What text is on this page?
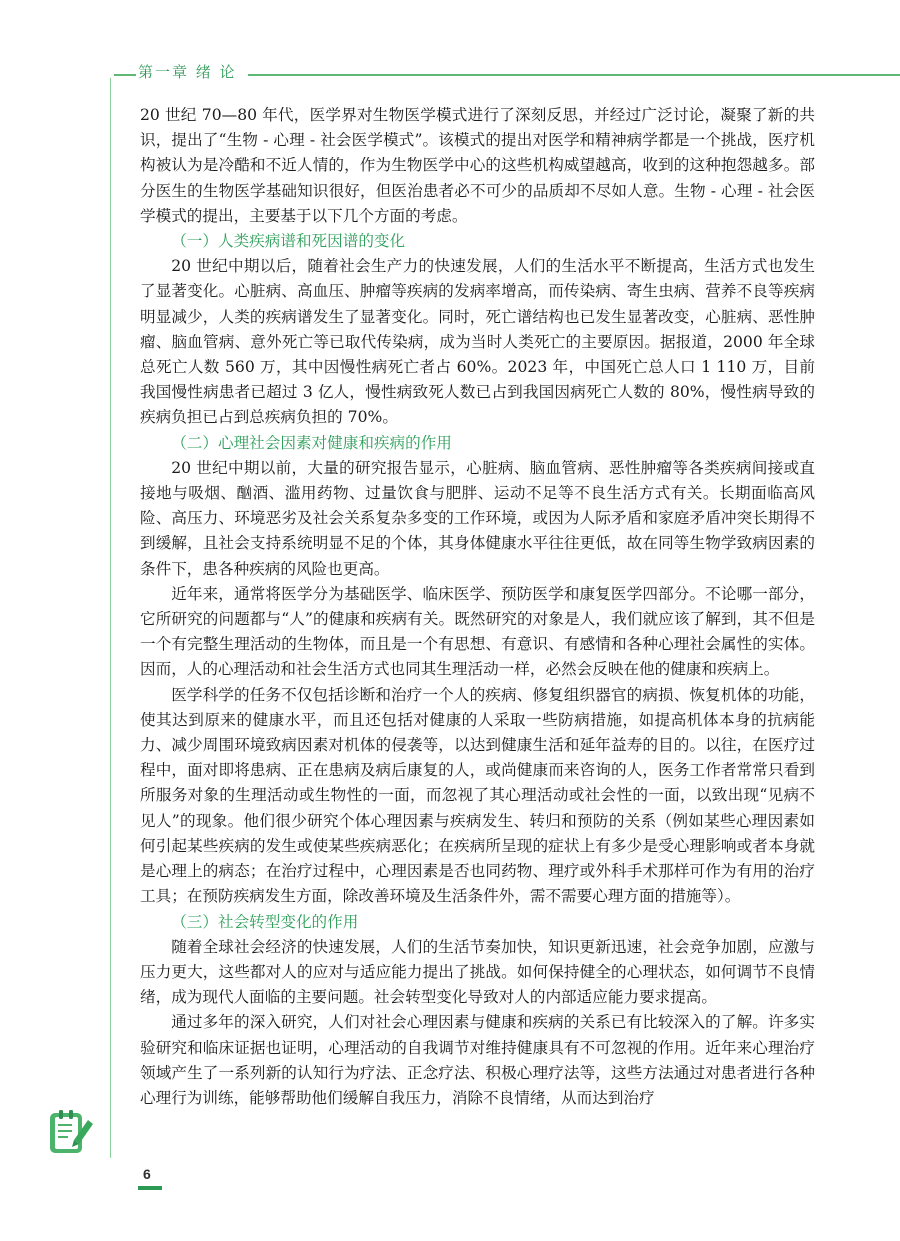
第一章 绪 论

20 世纪 70—80 年代，医学界对生物医学模式进行了深刻反思，并经过广泛讨论，凝聚了新的共识，提出了“生物 - 心理 - 社会医学模式”。该模式的提出对医学和精神病学都是一个挑战，医疗机构被认为是冷酷和不近人情的，作为生物医学中心的这些机构威望越高，收到的这种抱怨越多。部分医生的生物医学基础知识很好，但医治患者必不可少的品质却不尽如人意。生物 - 心理 - 社会医学模式的提出，主要基于以下几个方面的考虑。

（一）人类疾病谱和死因谱的变化

20 世纪中期以后，随着社会生产力的快速发展，人们的生活水平不断提高，生活方式也发生了显著变化。心脏病、高血压、肿瘤等疾病的发病率增高，而传染病、寄生虫病、营养不良等疾病明显减少，人类的疾病谱发生了显著变化。同时，死亡谱结构也已发生显著改变，心脏病、恶性肿瘤、脑血管病、意外死亡等已取代传染病，成为当时人类死亡的主要原因。据报道，2000 年全球总死亡人数 560 万，其中因慢性病死亡者占 60%。2023 年，中国死亡总人口 1 110 万，目前我国慢性病患者已超过 3 亿人，慢性病致死人数已占到我国因病死亡人数的 80%，慢性病导致的疾病负担已占到总疾病负担的 70%。

（二）心理社会因素对健康和疾病的作用

20 世纪中期以前，大量的研究报告显示，心脏病、脑血管病、恶性肿瘤等各类疾病间接或直接地与吸烟、酗酒、滥用药物、过量饮食与肥胖、运动不足等不良生活方式有关。长期面临高风险、高压力、环境恶劣及社会关系复杂多变的工作环境，或因为人际矛盾和家庭矛盾冲突长期得不到缓解，且社会支持系统明显不足的个体，其身体健康水平往往更低，故在同等生物学致病因素的条件下，患各种疾病的风险也更高。

近年来，通常将医学分为基础医学、临床医学、预防医学和康复医学四部分。不论哪一部分，它所研究的问题都与“人”的健康和疾病有关。既然研究的对象是人，我们就应该了解到，其不但是一个有完整生理活动的生物体，而且是一个有思想、有意识、有感情和各种心理社会属性的实体。因而，人的心理活动和社会生活方式也同其生理活动一样，必然会反映在他的健康和疾病上。

医学科学的任务不仅包括诊断和治疗一个人的疾病、修复组织器官的病损、恢复机体的功能，使其达到原来的健康水平，而且还包括对健康的人采取一些防病措施，如提高机体本身的抗病能力、减少周围环境致病因素对机体的侵袭等，以达到健康生活和延年益寿的目的。以往，在医疗过程中，面对即将患病、正在患病及病后康复的人，或尚健康而来咨询的人，医务工作者常常只看到所服务对象的生理活动或生物性的一面，而忽视了其心理活动或社会性的一面，以致出现“见病不见人”的现象。他们很少研究个体心理因素与疾病发生、转归和预防的关系（例如某些心理因素如何引起某些疾病的发生或使某些疾病恶化；在疾病所呈现的症状上有多少是受心理影响或者本身就是心理上的病态；在治疗过程中，心理因素是否也同药物、理疗或外科手术那样可作为有用的治疗工具；在预防疾病发生方面，除改善环境及生活条件外，需不需要心理方面的措施等）。

（三）社会转型变化的作用

随着全球社会经济的快速发展，人们的生活节奏加快，知识更新迅速，社会竞争加剧，应激与压力更大，这些都对人的应对与适应能力提出了挑战。如何保持健全的心理状态，如何调节不良情绪，成为现代人面临的主要问题。社会转型变化导致对人的内部适应能力要求提高。

通过多年的深入研究，人们对社会心理因素与健康和疾病的关系已有比较深入的了解。许多实验研究和临床证据也证明，心理活动的自我调节对维持健康具有不可忽视的作用。近年来心理治疗领域产生了一系列新的认知行为疗法、正念疗法、积极心理疗法等，这些方法通过对患者进行各种心理行为训练，能够帮助他们缓解自我压力，消除不良情绪，从而达到治疗

6
